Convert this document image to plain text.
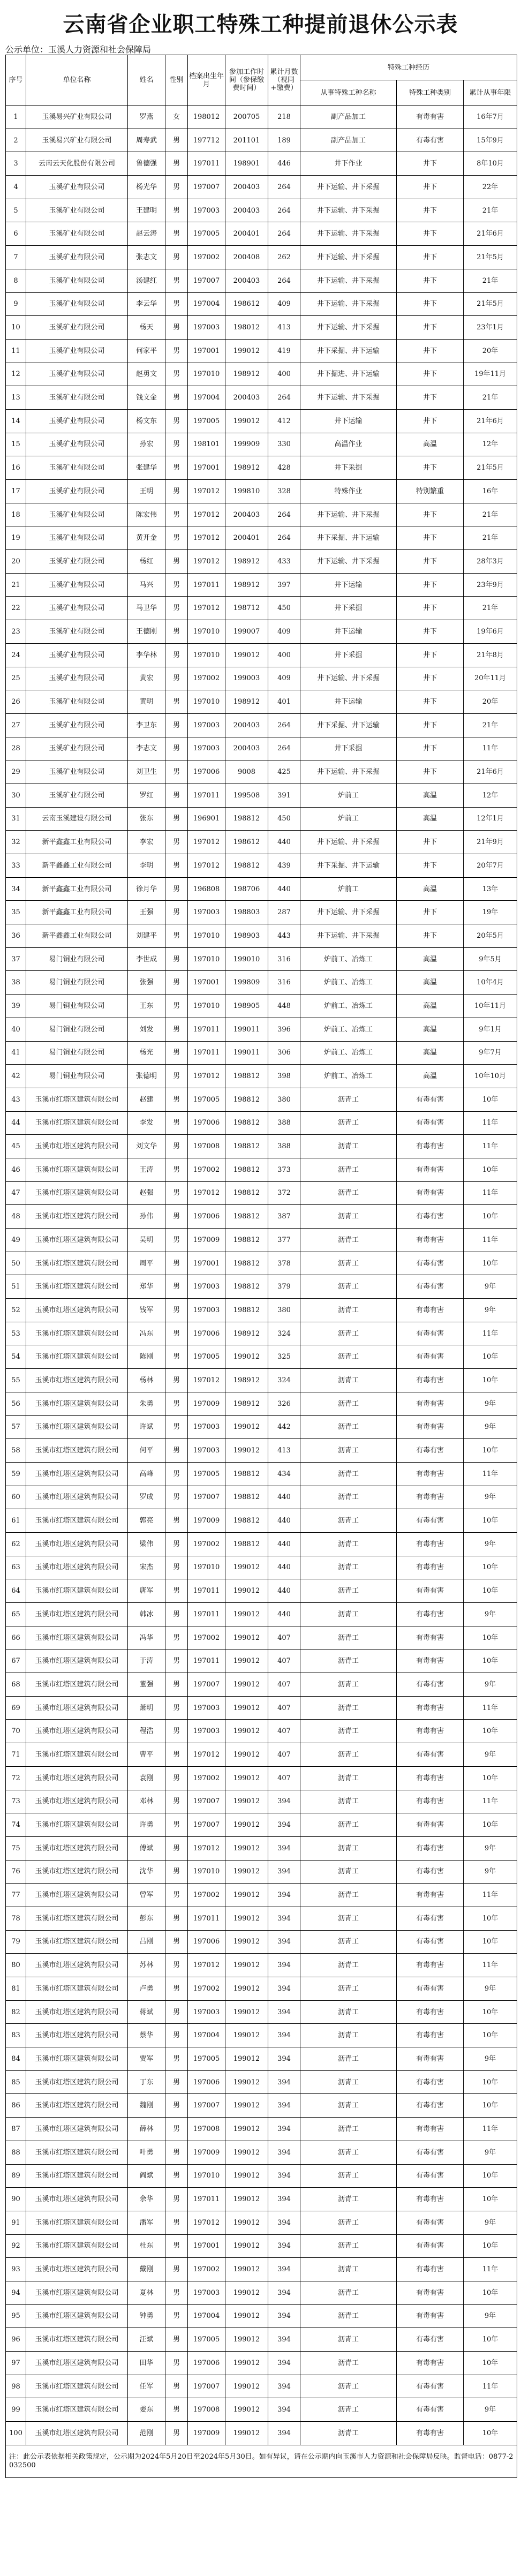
云南省企业职工特殊工种提前退休公示表
公示单位：玉溪人力资源和社会保障局
序号	单位名称	姓名	性别	档案出生年月	参加工作时间（参保缴费时间）	累计月数（视同+缴费）	特殊工种经历		
							从事特殊工种名称	特殊工种类别	累计从事年限
1	玉溪易兴矿业有限公司	罗燕	女	198012	200705	218	副产品加工	有毒有害	16年7月
2	玉溪易兴矿业有限公司	周寿武	男	197712	201101	189	副产品加工	有毒有害	15年9月
3	云南云天化股份有限公司	鲁德强	男	197011	198901	446	井下作业	井下	8年10月
4	玉溪矿业有限公司	杨光华	男	197007	200403	264	井下运输、井下采掘	井下	22年
5	玉溪矿业有限公司	王建明	男	197003	200403	264	井下运输、井下采掘	井下	21年
6	玉溪矿业有限公司	赵云涛	男	197005	200401	264	井下运输、井下采掘	井下	21年6月
7	玉溪矿业有限公司	张志文	男	197002	200408	262	井下运输、井下采掘	井下	21年5月
8	玉溪矿业有限公司	汤建红	男	197007	200403	264	井下运输、井下采掘	井下	21年
9	玉溪矿业有限公司	李云华	男	197004	198612	409	井下运输、井下采掘	井下	21年5月
10	玉溪矿业有限公司	杨天	男	197003	198012	413	井下运输、井下采掘	井下	23年1月
11	玉溪矿业有限公司	何家平	男	197001	199012	419	井下采掘、井下运输	井下	20年
12	玉溪矿业有限公司	赵勇文	男	197010	198912	400	井下掘进、井下运输	井下	19年11月
13	玉溪矿业有限公司	钱文金	男	197004	200403	264	井下运输、井下采掘	井下	21年
14	玉溪矿业有限公司	杨文东	男	197005	199012	412	井下运输	井下	21年6月
15	玉溪矿业有限公司	孙宏	男	198101	199909	330	高温作业	高温	12年
16	玉溪矿业有限公司	张建华	男	197001	198912	428	井下采掘	井下	21年5月
17	玉溪矿业有限公司	王明	男	197012	199810	328	特殊作业	特别繁重	16年
18	玉溪矿业有限公司	陈宏伟	男	197012	200403	264	井下运输、井下采掘	井下	21年
19	玉溪矿业有限公司	黄开金	男	197012	200401	264	井下采掘、井下运输	井下	21年
20	玉溪矿业有限公司	杨红	男	197012	198912	433	井下运输、井下采掘	井下	28年3月
21	玉溪矿业有限公司	马兴	男	197011	198912	397	井下运输	井下	23年9月
22	玉溪矿业有限公司	马卫华	男	197012	198712	450	井下采掘	井下	21年
23	玉溪矿业有限公司	王德刚	男	197010	199007	409	井下运输	井下	19年6月
24	玉溪矿业有限公司	李华林	男	197010	199012	400	井下采掘	井下	21年8月
25	玉溪矿业有限公司	黄宏	男	197002	199003	409	井下运输、井下采掘	井下	20年11月
26	玉溪矿业有限公司	黄明	男	197010	198912	401	井下运输	井下	20年
27	玉溪矿业有限公司	李卫东	男	197003	200403	264	井下采掘、井下运输	井下	21年
28	玉溪矿业有限公司	李志文	男	197003	200403	264	井下采掘	井下	11年
29	玉溪矿业有限公司	刘卫生	男	197006	9008	425	井下运输、井下采掘	井下	21年6月
30	玉溪矿业有限公司	罗红	男	197011	199508	391	炉前工	高温	12年
31	云南玉溪建设有限公司	张东	男	196901	198812	450	炉前工	高温	12年1月
32	新平鑫鑫工业有限公司	李宏	男	197012	198612	440	井下运输、井下采掘	井下	21年9月
33	新平鑫鑫工业有限公司	李明	男	197012	198812	439	井下采掘、井下运输	井下	20年7月
34	新平鑫鑫工业有限公司	徐月华	男	196808	198706	440	炉前工	高温	13年
35	新平鑫鑫工业有限公司	王强	男	197003	198803	287	井下运输、井下采掘	井下	19年
36	新平鑫鑫工业有限公司	刘建平	男	197010	198903	443	井下运输、井下采掘	井下	20年5月
37	易门铜业有限公司	李世成	男	197010	199010	316	炉前工、冶炼工	高温	9年5月
38	易门铜业有限公司	张强	男	197001	199809	316	炉前工、冶炼工	高温	10年4月
39	易门铜业有限公司	王东	男	197010	198905	448	炉前工、冶炼工	高温	10年11月
40	易门铜业有限公司	刘发	男	197011	199011	396	炉前工、冶炼工	高温	9年1月
41	易门铜业有限公司	杨光	男	197011	199011	306	炉前工、冶炼工	高温	9年7月
42	易门铜业有限公司	张德明	男	197012	198812	398	炉前工、冶炼工	高温	10年10月
43	玉溪市红塔区建筑有限公司	赵建	男	197005	198812	380	沥青工	有毒有害	10年
44	玉溪市红塔区建筑有限公司	李发	男	197006	198812	388	沥青工	有毒有害	11年
45	玉溪市红塔区建筑有限公司	刘文华	男	197008	198812	388	沥青工	有毒有害	11年
46	玉溪市红塔区建筑有限公司	王涛	男	197002	198812	373	沥青工	有毒有害	10年
47	玉溪市红塔区建筑有限公司	赵强	男	197012	198812	372	沥青工	有毒有害	11年
48	玉溪市红塔区建筑有限公司	孙伟	男	197006	198812	387	沥青工	有毒有害	10年
49	玉溪市红塔区建筑有限公司	吴明	男	197009	198812	377	沥青工	有毒有害	11年
50	玉溪市红塔区建筑有限公司	周平	男	197001	198812	378	沥青工	有毒有害	10年
51	玉溪市红塔区建筑有限公司	郑华	男	197003	198812	379	沥青工	有毒有害	9年
52	玉溪市红塔区建筑有限公司	钱军	男	197003	198812	380	沥青工	有毒有害	9年
53	玉溪市红塔区建筑有限公司	冯东	男	197006	198912	324	沥青工	有毒有害	11年
54	玉溪市红塔区建筑有限公司	陈刚	男	197005	199012	325	沥青工	有毒有害	10年
55	玉溪市红塔区建筑有限公司	杨林	男	197012	198912	324	沥青工	有毒有害	10年
56	玉溪市红塔区建筑有限公司	朱勇	男	197009	198912	326	沥青工	有毒有害	9年
57	玉溪市红塔区建筑有限公司	许斌	男	197003	199012	442	沥青工	有毒有害	9年
58	玉溪市红塔区建筑有限公司	何平	男	197003	199012	413	沥青工	有毒有害	10年
59	玉溪市红塔区建筑有限公司	高峰	男	197005	198812	434	沥青工	有毒有害	11年
60	玉溪市红塔区建筑有限公司	罗成	男	197007	198812	440	沥青工	有毒有害	9年
61	玉溪市红塔区建筑有限公司	郭亮	男	197009	198812	440	沥青工	有毒有害	10年
62	玉溪市红塔区建筑有限公司	梁伟	男	197002	198812	440	沥青工	有毒有害	9年
63	玉溪市红塔区建筑有限公司	宋杰	男	197010	199012	440	沥青工	有毒有害	10年
64	玉溪市红塔区建筑有限公司	唐军	男	197011	199012	440	沥青工	有毒有害	10年
65	玉溪市红塔区建筑有限公司	韩冰	男	197011	199012	440	沥青工	有毒有害	9年
66	玉溪市红塔区建筑有限公司	冯华	男	197002	199012	407	沥青工	有毒有害	10年
67	玉溪市红塔区建筑有限公司	于涛	男	197011	199012	407	沥青工	有毒有害	10年
68	玉溪市红塔区建筑有限公司	董强	男	197007	199012	407	沥青工	有毒有害	9年
69	玉溪市红塔区建筑有限公司	萧明	男	197003	199012	407	沥青工	有毒有害	11年
70	玉溪市红塔区建筑有限公司	程浩	男	197003	199012	407	沥青工	有毒有害	10年
71	玉溪市红塔区建筑有限公司	曹平	男	197012	199012	407	沥青工	有毒有害	9年
72	玉溪市红塔区建筑有限公司	袁刚	男	197002	199012	407	沥青工	有毒有害	10年
73	玉溪市红塔区建筑有限公司	邓林	男	197007	199012	394	沥青工	有毒有害	11年
74	玉溪市红塔区建筑有限公司	许勇	男	197007	199012	394	沥青工	有毒有害	10年
75	玉溪市红塔区建筑有限公司	傅斌	男	197012	199012	394	沥青工	有毒有害	9年
76	玉溪市红塔区建筑有限公司	沈华	男	197010	199012	394	沥青工	有毒有害	9年
77	玉溪市红塔区建筑有限公司	曾军	男	197002	199012	394	沥青工	有毒有害	11年
78	玉溪市红塔区建筑有限公司	彭东	男	197011	199012	394	沥青工	有毒有害	10年
79	玉溪市红塔区建筑有限公司	吕刚	男	197006	199012	394	沥青工	有毒有害	10年
80	玉溪市红塔区建筑有限公司	苏林	男	197012	199012	394	沥青工	有毒有害	11年
81	玉溪市红塔区建筑有限公司	卢勇	男	197002	199012	394	沥青工	有毒有害	9年
82	玉溪市红塔区建筑有限公司	蒋斌	男	197003	199012	394	沥青工	有毒有害	10年
83	玉溪市红塔区建筑有限公司	蔡华	男	197004	199012	394	沥青工	有毒有害	10年
84	玉溪市红塔区建筑有限公司	贾军	男	197005	199012	394	沥青工	有毒有害	9年
85	玉溪市红塔区建筑有限公司	丁东	男	197006	199012	394	沥青工	有毒有害	10年
86	玉溪市红塔区建筑有限公司	魏刚	男	197007	199012	394	沥青工	有毒有害	10年
87	玉溪市红塔区建筑有限公司	薛林	男	197008	199012	394	沥青工	有毒有害	11年
88	玉溪市红塔区建筑有限公司	叶勇	男	197009	199012	394	沥青工	有毒有害	9年
89	玉溪市红塔区建筑有限公司	阎斌	男	197010	199012	394	沥青工	有毒有害	10年
90	玉溪市红塔区建筑有限公司	余华	男	197011	199012	394	沥青工	有毒有害	10年
91	玉溪市红塔区建筑有限公司	潘军	男	197012	199012	394	沥青工	有毒有害	9年
92	玉溪市红塔区建筑有限公司	杜东	男	197001	199012	394	沥青工	有毒有害	10年
93	玉溪市红塔区建筑有限公司	戴刚	男	197002	199012	394	沥青工	有毒有害	11年
94	玉溪市红塔区建筑有限公司	夏林	男	197003	199012	394	沥青工	有毒有害	10年
95	玉溪市红塔区建筑有限公司	钟勇	男	197004	199012	394	沥青工	有毒有害	9年
96	玉溪市红塔区建筑有限公司	汪斌	男	197005	199012	394	沥青工	有毒有害	10年
97	玉溪市红塔区建筑有限公司	田华	男	197006	199012	394	沥青工	有毒有害	10年
98	玉溪市红塔区建筑有限公司	任军	男	197007	199012	394	沥青工	有毒有害	11年
99	玉溪市红塔区建筑有限公司	姜东	男	197008	199012	394	沥青工	有毒有害	9年
100	玉溪市红塔区建筑有限公司	范刚	男	197009	199012	394	沥青工	有毒有害	10年
注：此公示表依据相关政策规定，公示期为2024年5月20日至2024年5月30日。如有异议，请在公示期内向玉溪市人力资源和社会保障局反映。监督电话：0877-2032500									
